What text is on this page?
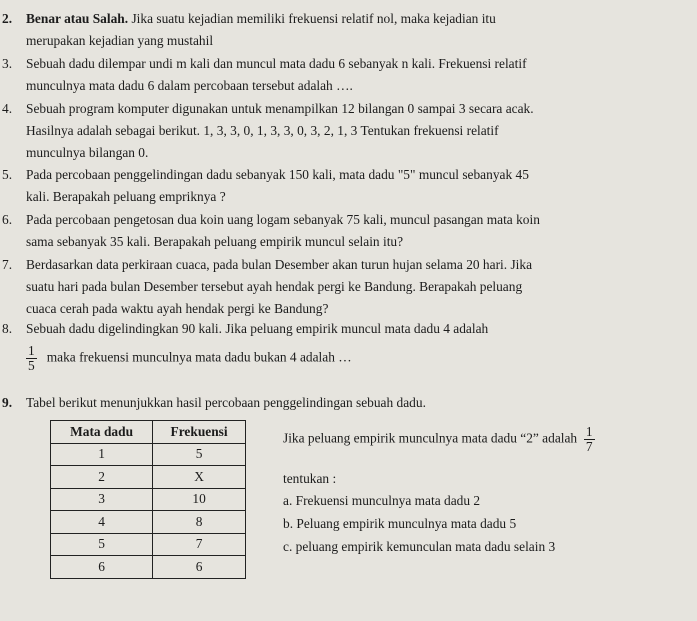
2.	Benar atau Salah. Jika suatu kejadian memiliki frekuensi relatif nol, maka kejadian itu
merupakan kejadian yang mustahil
3.	Sebuah dadu dilempar undi m kali dan muncul mata dadu 6 sebanyak n kali. Frekuensi relatif
munculnya mata dadu 6 dalam percobaan tersebut adalah ….
4.	Sebuah program komputer digunakan untuk menampilkan 12 bilangan 0 sampai 3 secara acak.
Hasilnya adalah sebagai berikut. 1, 3, 3, 0, 1, 3, 3, 0, 3, 2, 1, 3 Tentukan frekuensi relatif
munculnya bilangan 0.
5.	Pada percobaan penggelindingan dadu sebanyak 150 kali, mata dadu "5" muncul sebanyak 45
kali. Berapakah peluang empriknya ?
6.	Pada percobaan pengetosan dua koin uang logam sebanyak 75 kali, muncul pasangan mata koin
sama sebanyak 35 kali. Berapakah peluang empirik muncul selain itu?
7.	Berdasarkan data perkiraan cuaca, pada bulan Desember akan turun hujan selama 20 hari. Jika
suatu hari pada bulan Desember tersebut ayah hendak pergi ke Bandung. Berapakah peluang
cuaca cerah pada waktu ayah hendak pergi ke Bandung?
8.	Sebuah dadu digelindingkan 90 kali. Jika peluang empirik muncul mata dadu 4 adalah
$\frac{1}{5}$ maka frekuensi munculnya mata dadu bukan 4 adalah …
9.	Tabel berikut menunjukkan hasil percobaan penggelindingan sebuah dadu.
Mata dadu	Frekuensi
1	5
2	X
3	10
4	8
5	7
6	6
Jika peluang empirik munculnya mata dadu “2” adalah $\frac{1}{7}$
tentukan :
a. Frekuensi munculnya mata dadu 2
b. Peluang empirik munculnya mata dadu 5
c. peluang empirik kemunculan mata dadu selain 3
